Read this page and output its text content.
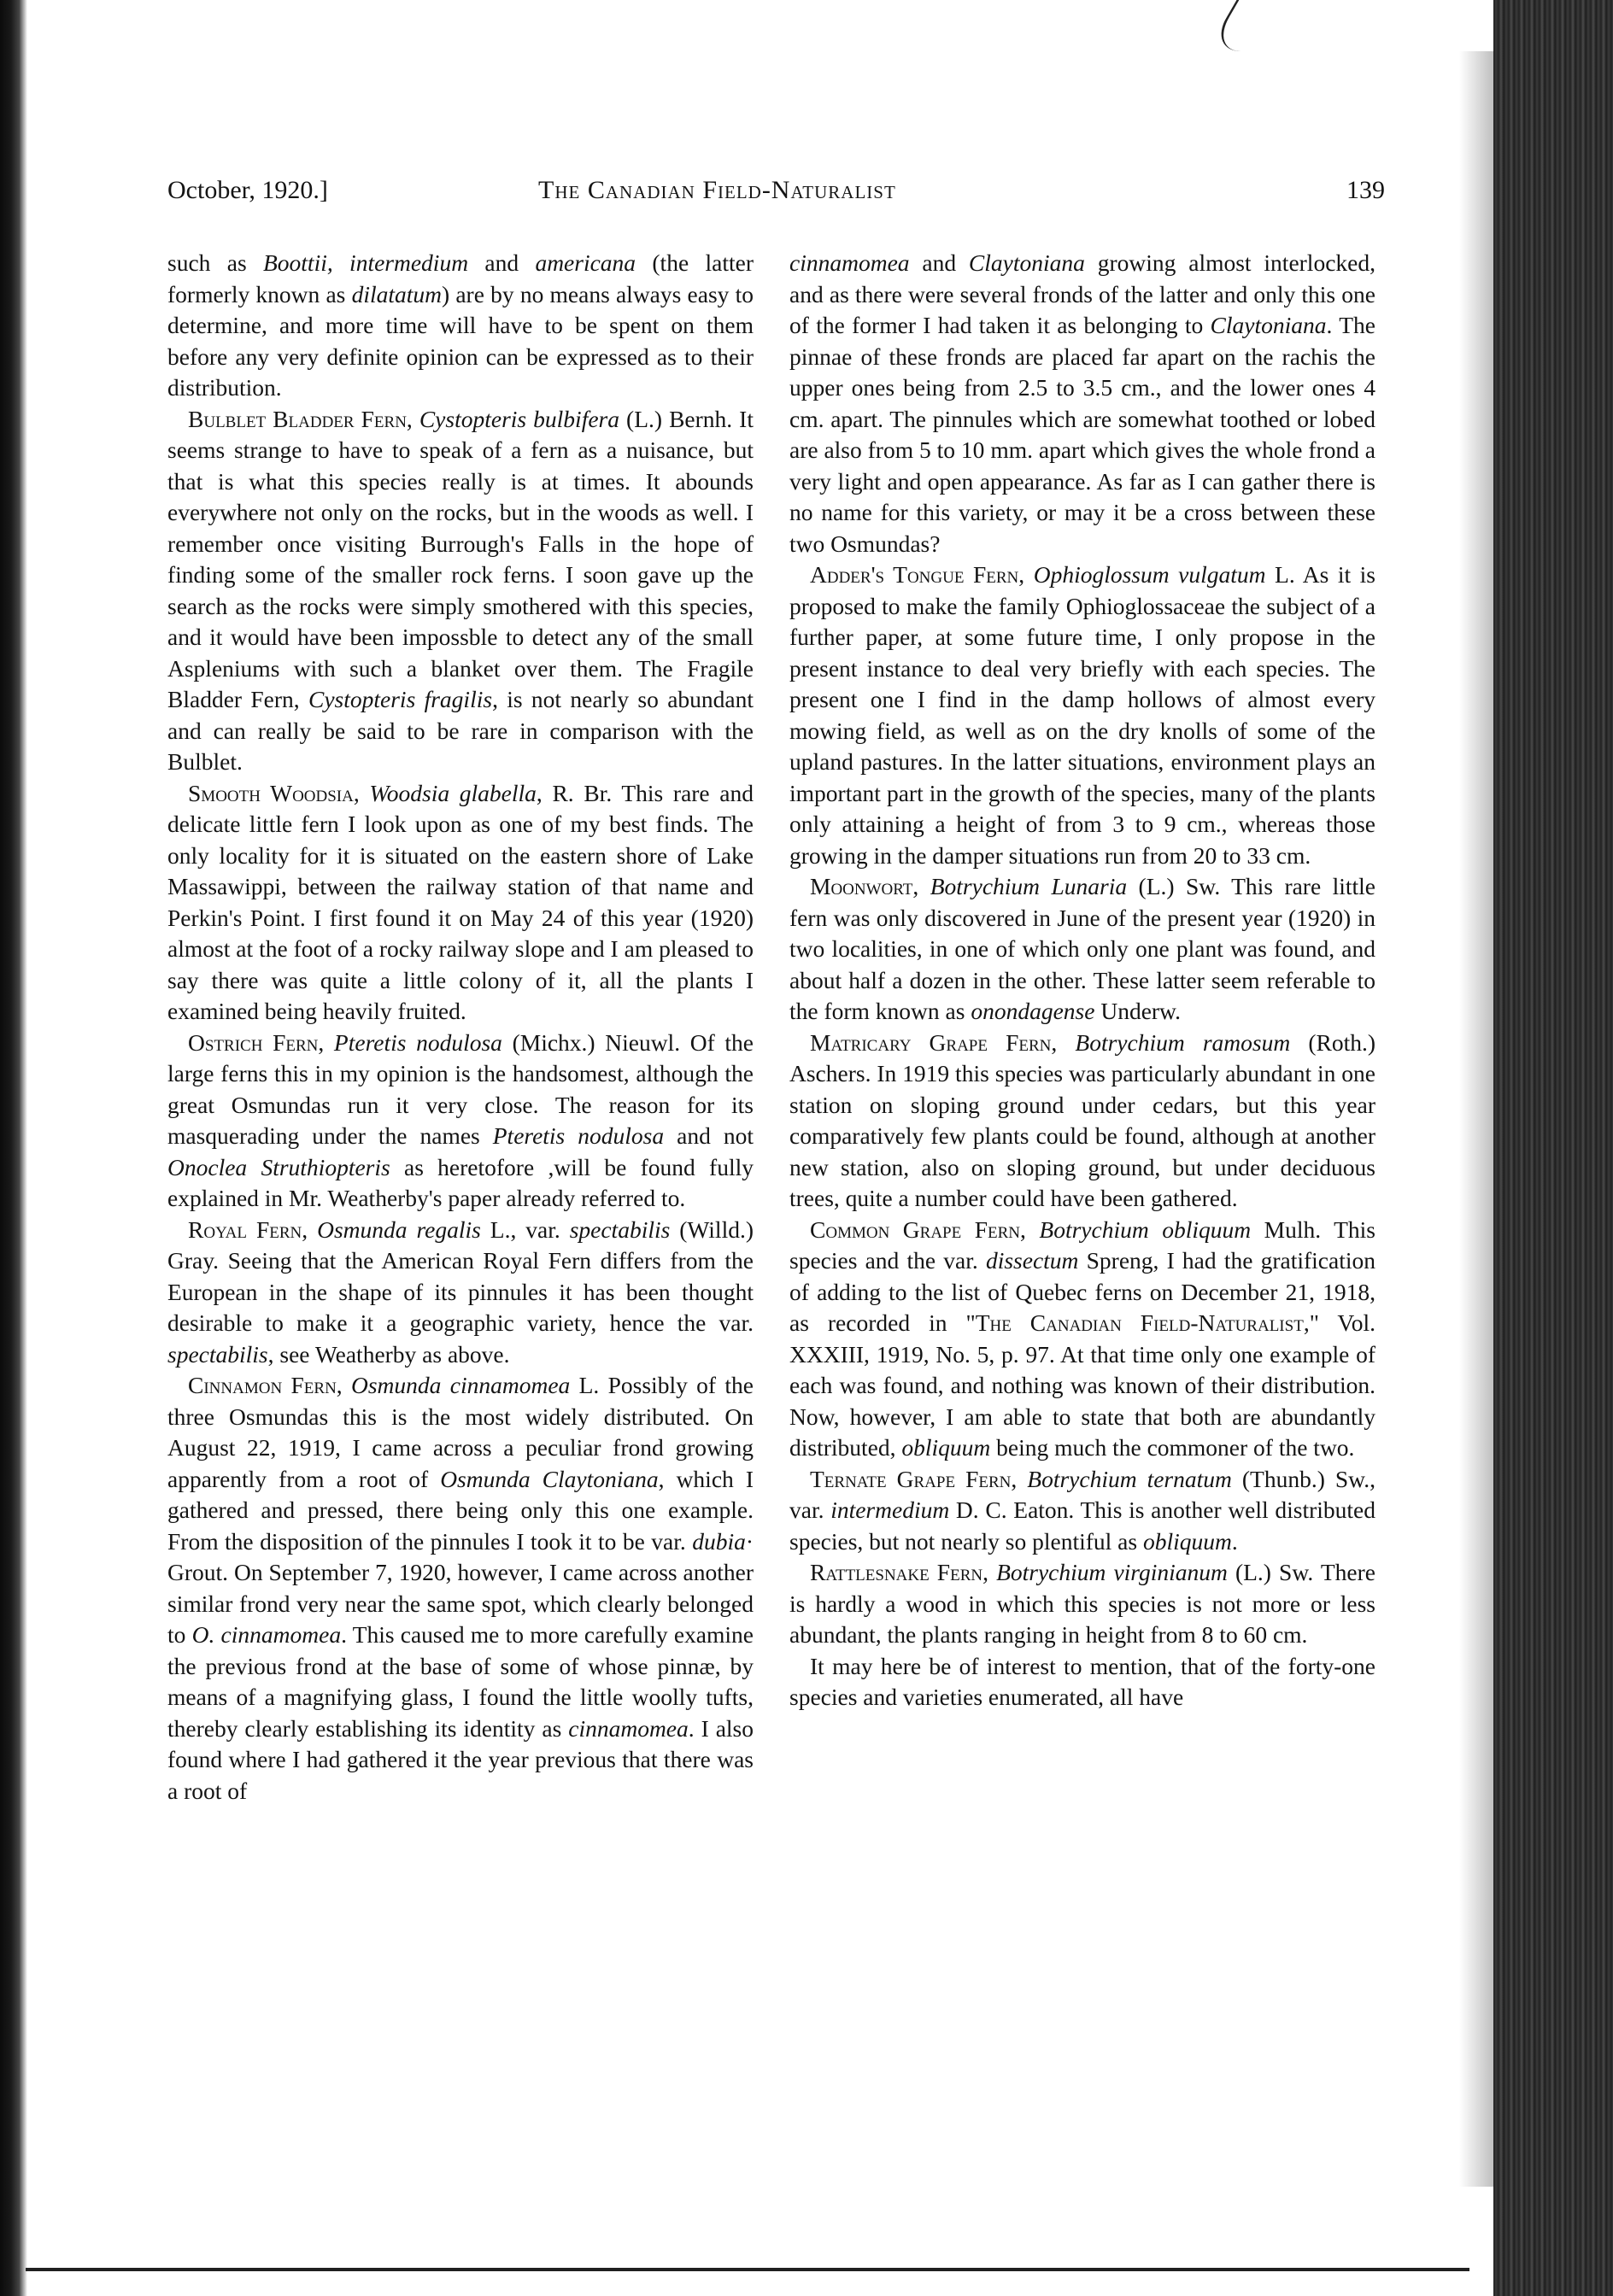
October, 1920.]	The Canadian Field-Naturalist	139

such as Boottii, intermedium and americana (the latter formerly known as dilatatum) are by no means always easy to determine, and more time will have to be spent on them before any very definite opinion can be expressed as to their distribution.

Bulblet Bladder Fern, Cystopteris bulbifera (L.) Bernh. It seems strange to have to speak of a fern as a nuisance, but that is what this species really is at times. It abounds everywhere not only on the rocks, but in the woods as well. I remember once visiting Burrough's Falls in the hope of finding some of the smaller rock ferns. I soon gave up the search as the rocks were simply smothered with this species, and it would have been impossble to detect any of the small Aspleniums with such a blanket over them. The Fragile Bladder Fern, Cystopteris fragilis, is not nearly so abundant and can really be said to be rare in comparison with the Bulblet.

Smooth Woodsia, Woodsia glabella, R. Br. This rare and delicate little fern I look upon as one of my best finds. The only locality for it is situated on the eastern shore of Lake Massawippi, between the railway station of that name and Perkin's Point. I first found it on May 24 of this year (1920) almost at the foot of a rocky railway slope and I am pleased to say there was quite a little colony of it, all the plants I examined being heavily fruited.

Ostrich Fern, Pteretis nodulosa (Michx.) Nieuwl. Of the large ferns this in my opinion is the handsomest, although the great Osmundas run it very close. The reason for its masquerading under the names Pteretis nodulosa and not Onoclea Struthiopteris as heretofore ,will be found fully explained in Mr. Weatherby's paper already referred to.

Royal Fern, Osmunda regalis L., var. spectabilis (Willd.) Gray. Seeing that the American Royal Fern differs from the European in the shape of its pinnules it has been thought desirable to make it a geographic variety, hence the var. spectabilis, see Weatherby as above.

Cinnamon Fern, Osmunda cinnamomea L. Possibly of the three Osmundas this is the most widely distributed. On August 22, 1919, I came across a peculiar frond growing apparently from a root of Osmunda Claytoniana, which I gathered and pressed, there being only this one example. From the disposition of the pinnules I took it to be var. dubia· Grout. On September 7, 1920, however, I came across another similar frond very near the same spot, which clearly belonged to O. cinnamomea. This caused me to more carefully examine the previous frond at the base of some of whose pinnæ, by means of a magnifying glass, I found the little woolly tufts, thereby clearly establishing its identity as cinnamomea. I also found where I had gathered it the year previous that there was a root of

cinnamomea and Claytoniana growing almost interlocked, and as there were several fronds of the latter and only this one of the former I had taken it as belonging to Claytoniana. The pinnae of these fronds are placed far apart on the rachis the upper ones being from 2.5 to 3.5 cm., and the lower ones 4 cm. apart. The pinnules which are somewhat toothed or lobed are also from 5 to 10 mm. apart which gives the whole frond a very light and open appearance. As far as I can gather there is no name for this variety, or may it be a cross between these two Osmundas?

Adder's Tongue Fern, Ophioglossum vulgatum L. As it is proposed to make the family Ophioglossaceae the subject of a further paper, at some future time, I only propose in the present instance to deal very briefly with each species. The present one I find in the damp hollows of almost every mowing field, as well as on the dry knolls of some of the upland pastures. In the latter situations, environment plays an important part in the growth of the species, many of the plants only attaining a height of from 3 to 9 cm., whereas those growing in the damper situations run from 20 to 33 cm.

Moonwort, Botrychium Lunaria (L.) Sw. This rare little fern was only discovered in June of the present year (1920) in two localities, in one of which only one plant was found, and about half a dozen in the other. These latter seem referable to the form known as onondagense Underw.

Matricary Grape Fern, Botrychium ramosum (Roth.) Aschers. In 1919 this species was particularly abundant in one station on sloping ground under cedars, but this year comparatively few plants could be found, although at another new station, also on sloping ground, but under deciduous trees, quite a number could have been gathered.

Common Grape Fern, Botrychium obliquum Mulh. This species and the var. dissectum Spreng, I had the gratification of adding to the list of Quebec ferns on December 21, 1918, as recorded in "The Canadian Field-Naturalist," Vol. XXXIII, 1919, No. 5, p. 97. At that time only one example of each was found, and nothing was known of their distribution. Now, however, I am able to state that both are abundantly distributed, obliquum being much the commoner of the two.

Ternate Grape Fern, Botrychium ternatum (Thunb.) Sw., var. intermedium D. C. Eaton. This is another well distributed species, but not nearly so plentiful as obliquum.

Rattlesnake Fern, Botrychium virginianum (L.) Sw. There is hardly a wood in which this species is not more or less abundant, the plants ranging in height from 8 to 60 cm.

It may here be of interest to mention, that of the forty-one species and varieties enumerated, all have
